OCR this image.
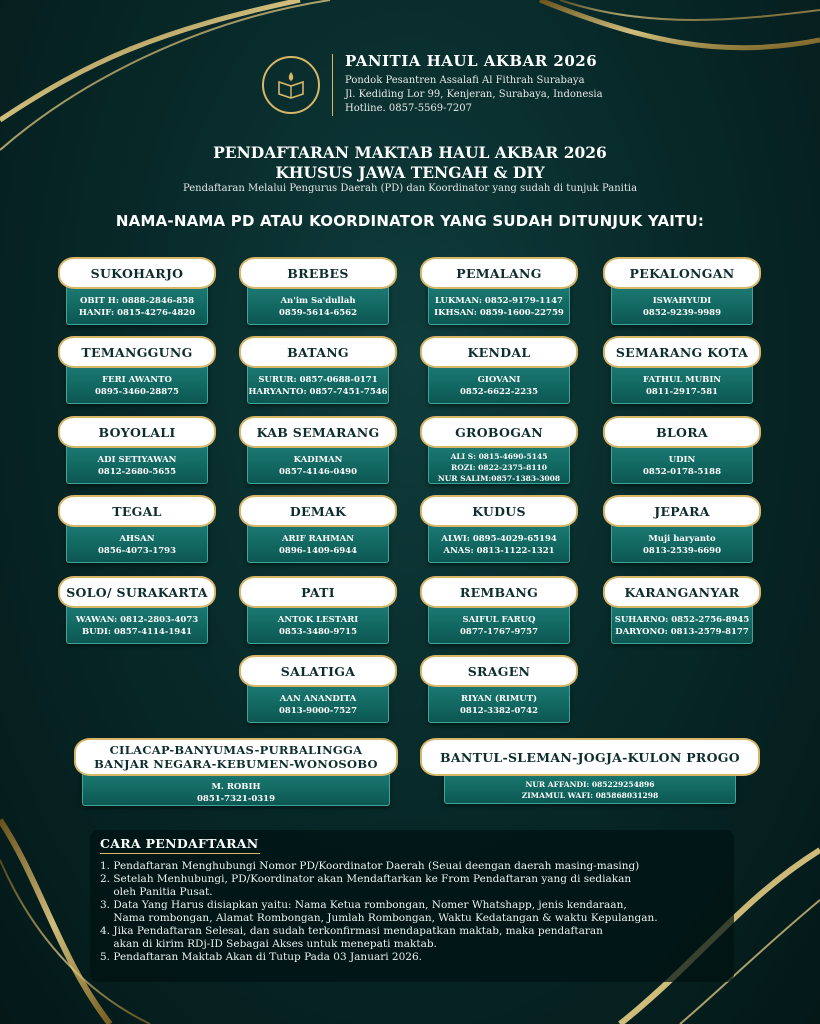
PANITIA HAUL AKBAR 2026
Pondok Pesantren Assalafi Al Fithrah Surabaya
Jl. Kediding Lor 99, Kenjeran, Surabaya, Indonesia
Hotline. 0857-5569-7207
PENDAFTARAN MAKTAB HAUL AKBAR 2026
KHUSUS JAWA TENGAH & DIY
Pendaftaran Melalui Pengurus Daerah (PD) dan Koordinator yang sudah di tunjuk Panitia
NAMA-NAMA PD ATAU KOORDINATOR YANG SUDAH DITUNJUK YAITU:
SUKOHARJO
OBIT H: 0888-2846-858
HANIF: 0815-4276-4820
BREBES
An'im Sa'dullah
0859-5614-6562
PEMALANG
LUKMAN: 0852-9179-1147
IKHSAN: 0859-1600-22759
PEKALONGAN
ISWAHYUDI
0852-9239-9989
TEMANGGUNG
FERI AWANTO
0895-3460-28875
BATANG
SURUR: 0857-0688-0171
HARYANTO: 0857-7451-7546
KENDAL
GIOVANI
0852-6622-2235
SEMARANG KOTA
FATHUL MUBIN
0811-2917-581
BOYOLALI
ADI SETIYAWAN
0812-2680-5655
KAB SEMARANG
KADIMAN
0857-4146-0490
GROBOGAN
ALI S: 0815-4690-5145
ROZI: 0822-2375-8110
NUR SALIM:0857-1383-3008
BLORA
UDIN
0852-0178-5188
TEGAL
AHSAN
0856-4073-1793
DEMAK
ARIF RAHMAN
0896-1409-6944
KUDUS
ALWI: 0895-4029-65194
ANAS: 0813-1122-1321
JEPARA
Muji haryanto
0813-2539-6690
SOLO/ SURAKARTA
WAWAN: 0812-2803-4073
BUDI: 0857-4114-1941
PATI
ANTOK LESTARI
0853-3480-9715
REMBANG
SAIFUL FARUQ
0877-1767-9757
KARANGANYAR
SUHARNO: 0852-2756-8945
DARYONO: 0813-2579-8177
SALATIGA
AAN ANANDITA
0813-9000-7527
SRAGEN
RIYAN (RIMUT)
0812-3382-0742
CILACAP-BANYUMAS-PURBALINGGA
BANJAR NEGARA-KEBUMEN-WONOSOBO
M. ROBIH
0851-7321-0319
BANTUL-SLEMAN-JOGJA-KULON PROGO
NUR AFFANDI: 085229254896
ZIMAMUL WAFI: 085868031298
CARA PENDAFTARAN
1. Pendaftaran Menghubungi Nomor PD/Koordinator Daerah (Seuai deengan daerah masing-masing)
2. Setelah Menhubungi, PD/Koordinator akan Mendaftarkan ke From Pendaftaran yang di sediakan
oleh Panitia Pusat.
3. Data Yang Harus disiapkan yaitu: Nama Ketua rombongan, Nomer Whatshapp, jenis kendaraan,
Nama rombongan, Alamat Rombongan, Jumlah Rombongan, Waktu Kedatangan & waktu Kepulangan.
4. Jika Pendaftaran Selesai, dan sudah terkonfirmasi mendapatkan maktab, maka pendaftaran
akan di kirim RDj-ID Sebagai Akses untuk menepati maktab.
5. Pendaftaran Maktab Akan di Tutup Pada 03 Januari 2026.
